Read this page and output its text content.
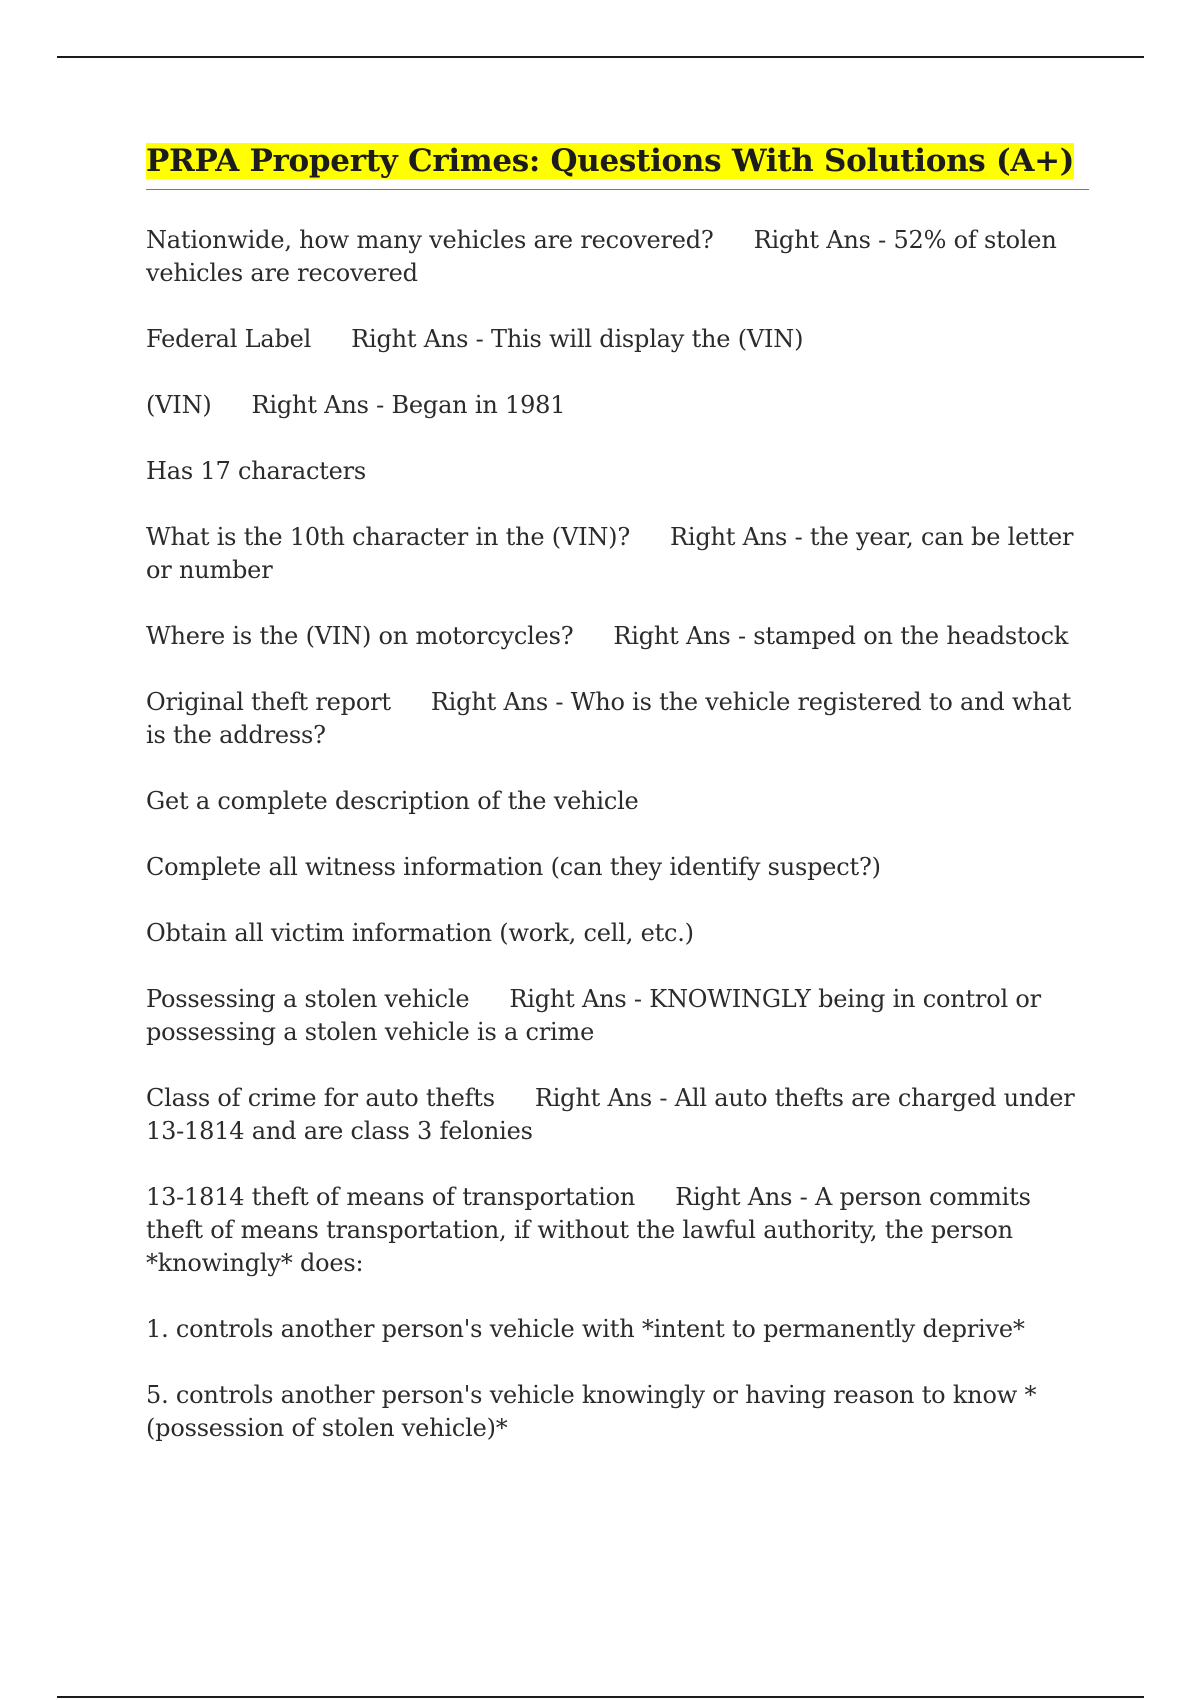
PRPA Property Crimes: Questions With Solutions (A+)

Nationwide, how many vehicles are recovered? Right Ans - 52% of stolen vehicles are recovered

Federal Label Right Ans - This will display the (VIN)

(VIN) Right Ans - Began in 1981

Has 17 characters

What is the 10th character in the (VIN)? Right Ans - the year, can be letter or number

Where is the (VIN) on motorcycles? Right Ans - stamped on the headstock

Original theft report Right Ans - Who is the vehicle registered to and what is the address?

Get a complete description of the vehicle

Complete all witness information (can they identify suspect?)

Obtain all victim information (work, cell, etc.)

Possessing a stolen vehicle Right Ans - KNOWINGLY being in control or possessing a stolen vehicle is a crime

Class of crime for auto thefts Right Ans - All auto thefts are charged under 13-1814 and are class 3 felonies

13-1814 theft of means of transportation Right Ans - A person commits theft of means transportation, if without the lawful authority, the person *knowingly* does:

1. controls another person's vehicle with *intent to permanently deprive*

5. controls another person's vehicle knowingly or having reason to know *(possession of stolen vehicle)*
